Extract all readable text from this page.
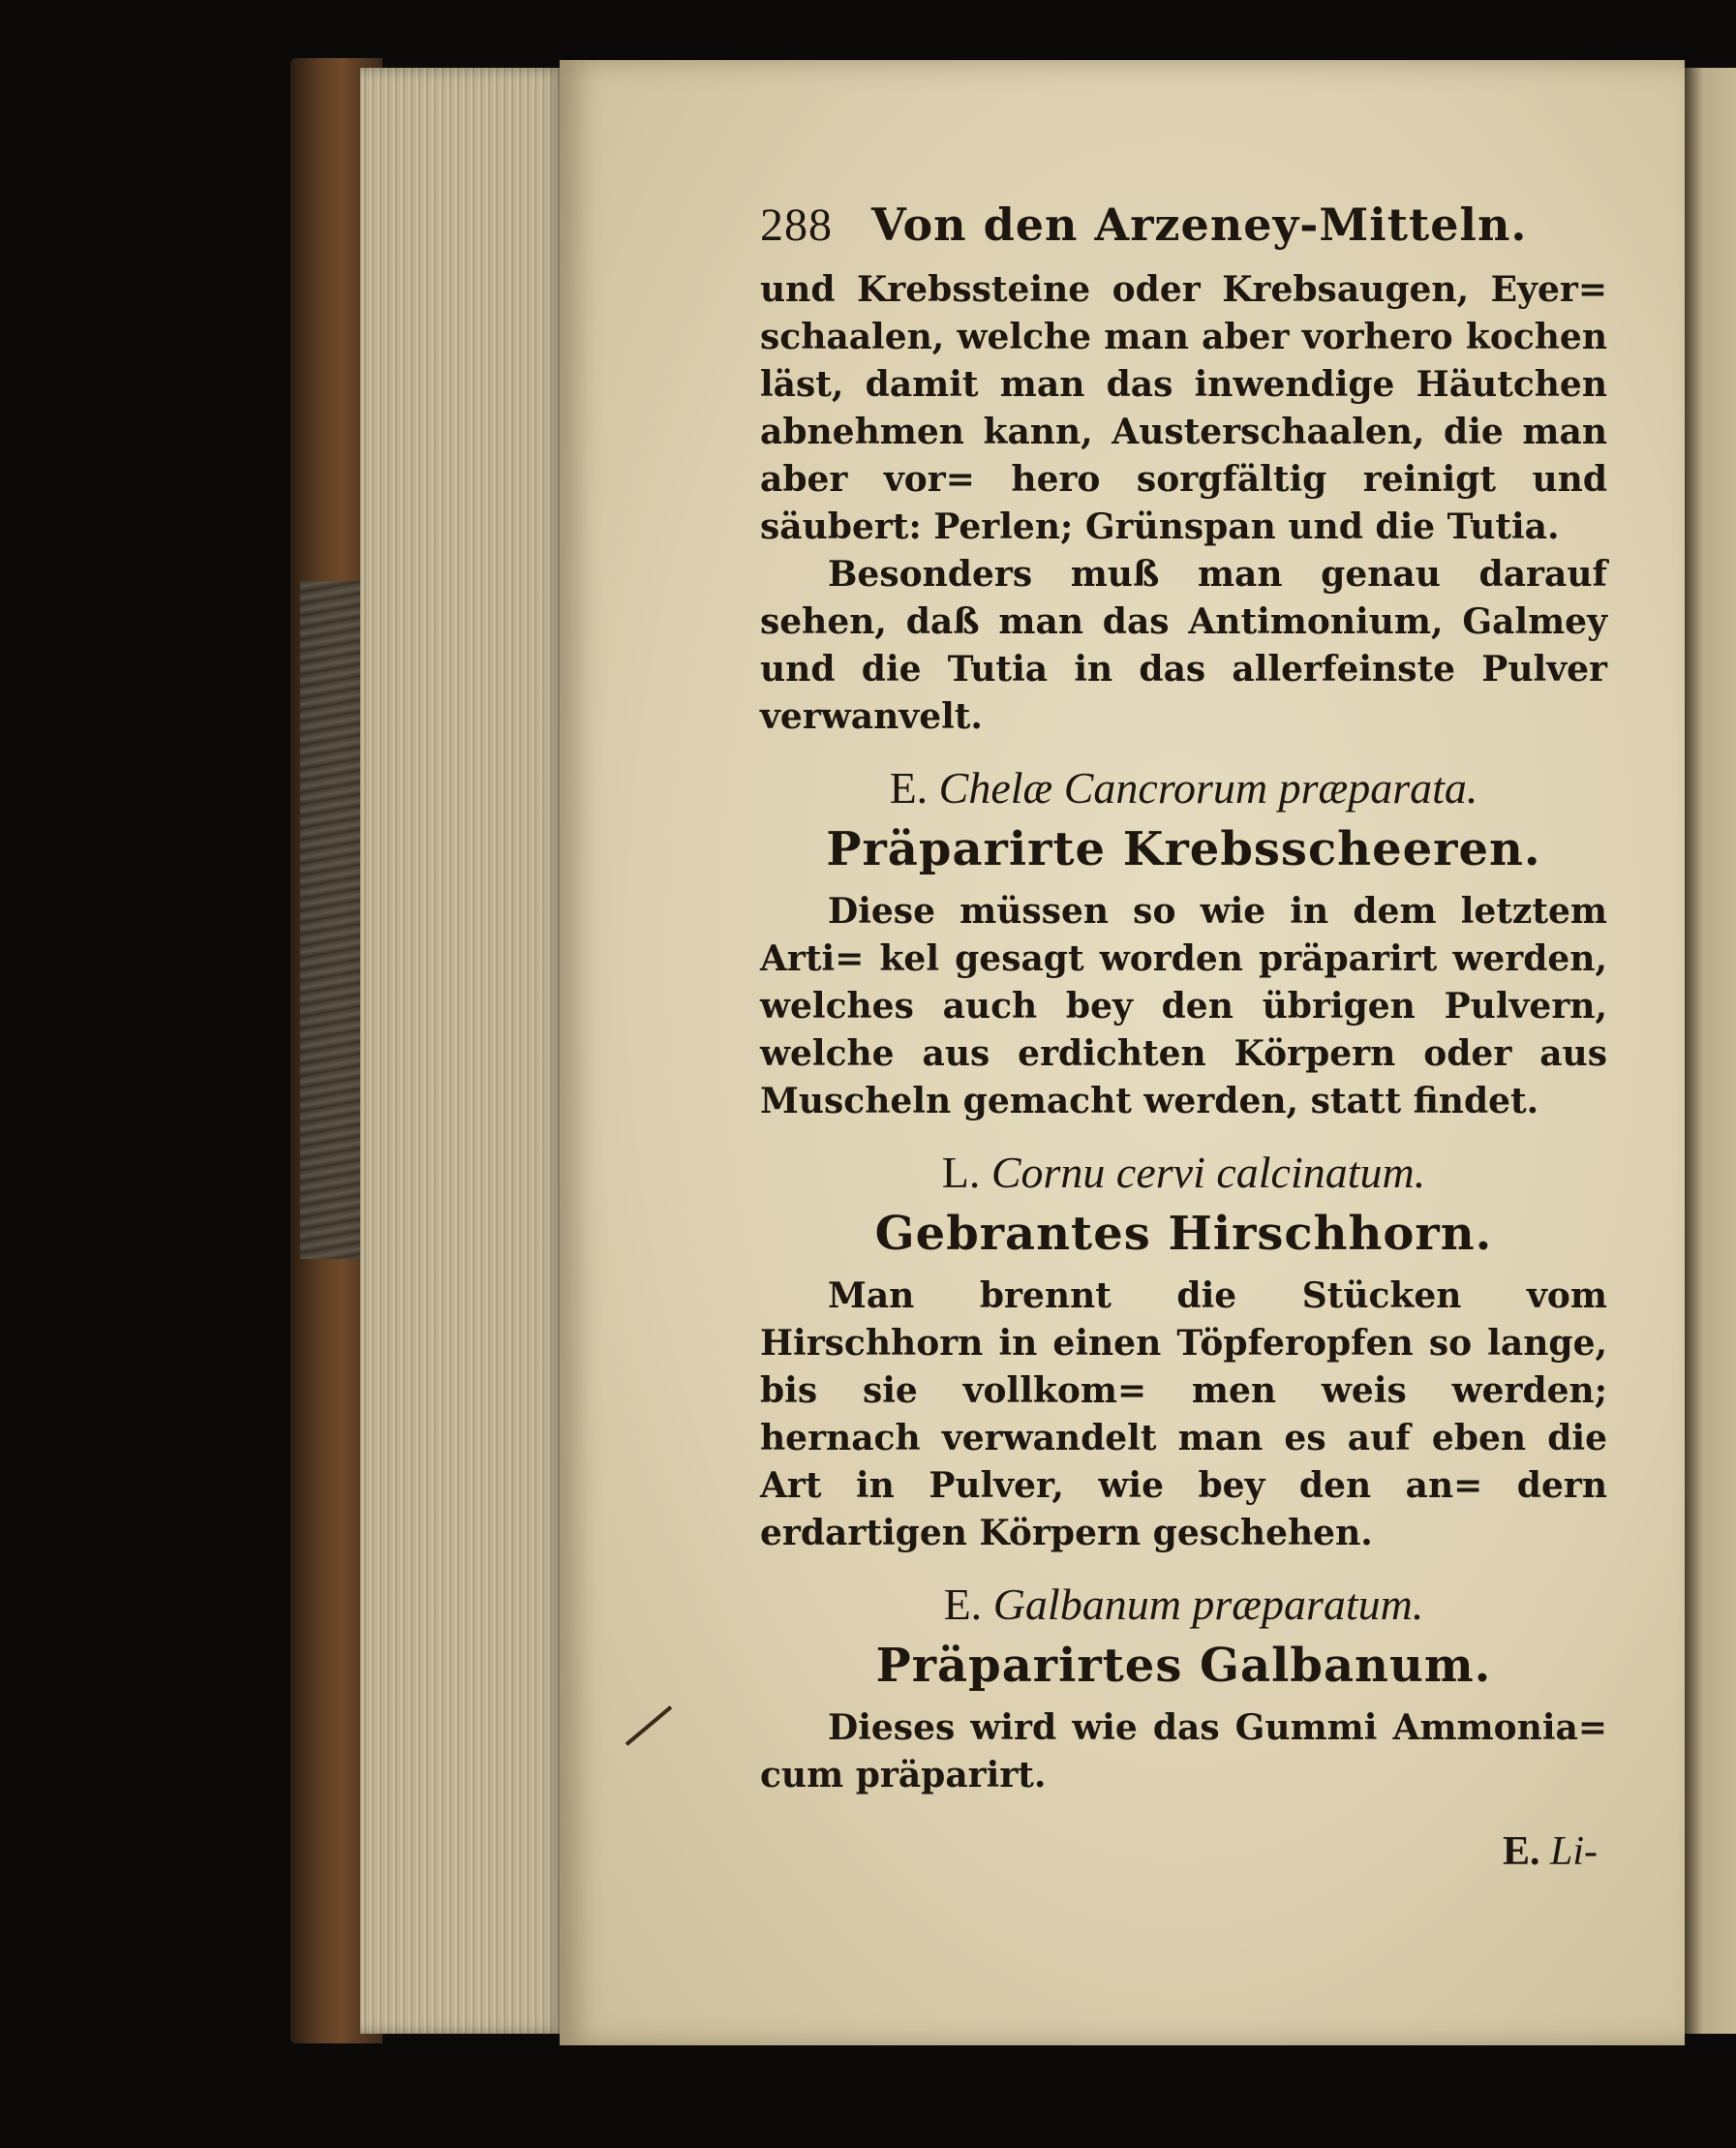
288 Von den Arzeney-Mitteln.

und Krebssteine oder Krebsaugen, Eyer= schaalen, welche man aber vorhero kochen läst, damit man das inwendige Häutchen abnehmen kann, Austerschaalen, die man aber vor= hero sorgfältig reinigt und säubert: Perlen; Grünspan und die Tutia.

Besonders muß man genau darauf sehen, daß man das Antimonium, Galmey und die Tutia in das allerfeinste Pulver verwanvelt.

E. Chelæ Cancrorum præparata.
Präparirte Krebsscheeren.

Diese müssen so wie in dem letztem Arti= kel gesagt worden präparirt werden, welches auch bey den übrigen Pulvern, welche aus erdichten Körpern oder aus Muscheln gemacht werden, statt findet.

L. Cornu cervi calcinatum.
Gebrantes Hirschhorn.

Man brennt die Stücken vom Hirschhorn in einen Töpferopfen so lange, bis sie vollkom= men weis werden; hernach verwandelt man es auf eben die Art in Pulver, wie bey den an= dern erdartigen Körpern geschehen.

E. Galbanum præparatum.
Präparirtes Galbanum.

Dieses wird wie das Gummi Ammonia= cum präparirt.

E. Li-
